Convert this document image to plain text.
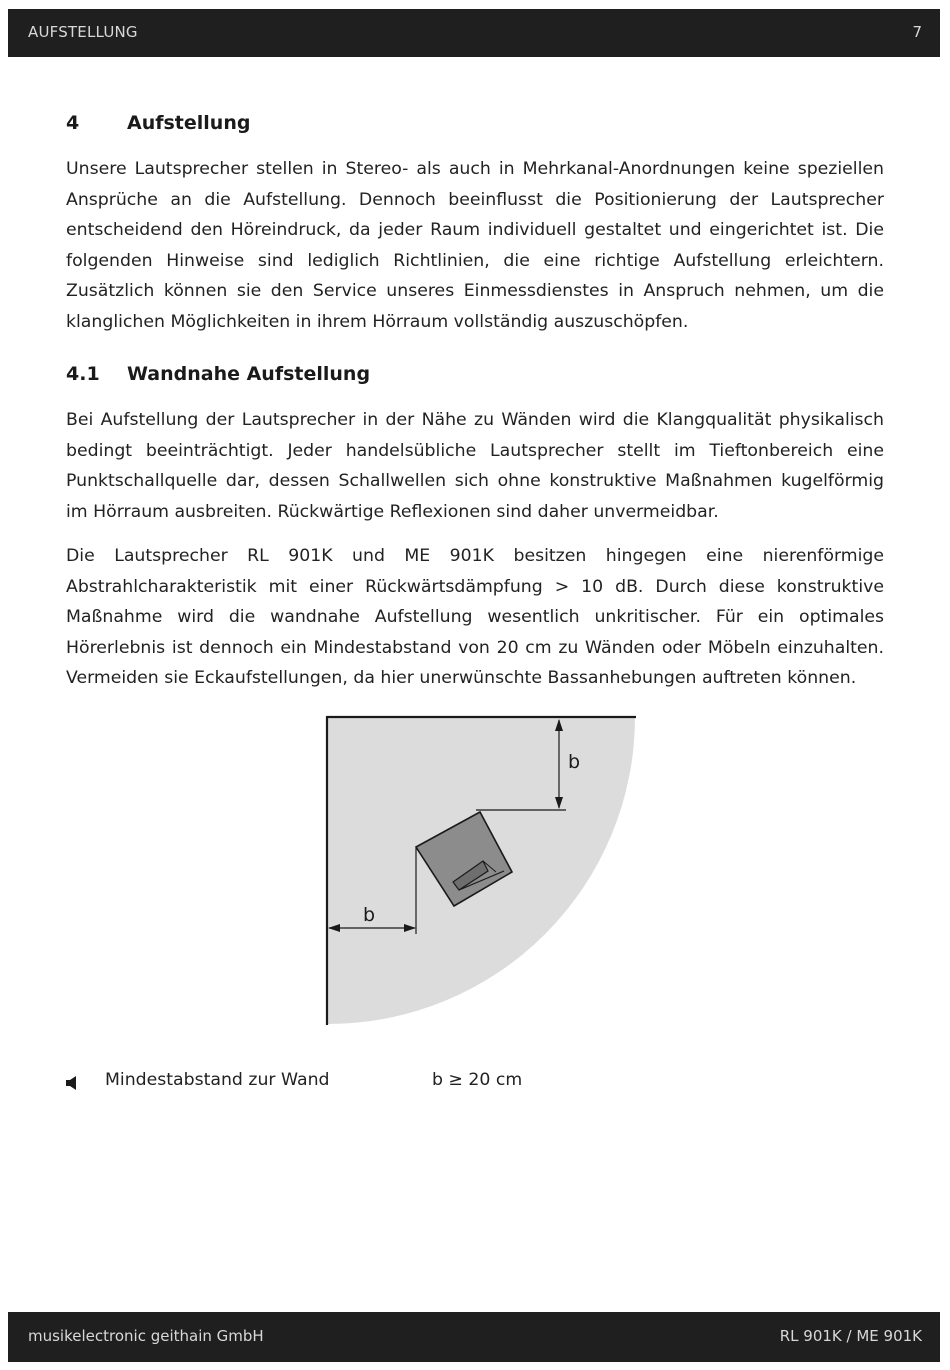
AUFSTELLUNG	7
4	Aufstellung

Unsere Lautsprecher stellen in Stereo- als auch in Mehrkanal-Anordnungen keine speziellen Ansprüche an die Aufstellung. Dennoch beeinflusst die Positionierung der Lautsprecher entscheidend den Höreindruck, da jeder Raum individuell gestaltet und eingerichtet ist. Die folgenden Hinweise sind lediglich Richtlinien, die eine richtige Aufstellung erleichtern. Zusätzlich können sie den Service unseres Einmessdienstes in Anspruch nehmen, um die klanglichen Möglichkeiten in ihrem Hörraum vollständig auszuschöpfen.

4.1 Wandnahe Aufstellung

Bei Aufstellung der Lautsprecher in der Nähe zu Wänden wird die Klangqualität physikalisch bedingt beeinträchtigt. Jeder handelsübliche Lautsprecher stellt im Tieftonbereich eine Punktschallquelle dar, dessen Schallwellen sich ohne konstruktive Maßnahmen kugelförmig im Hörraum ausbreiten. Rückwärtige Reflexionen sind daher unvermeidbar.

Die Lautsprecher RL 901K und ME 901K besitzen hingegen eine nierenförmige Abstrahlcharakteristik mit einer Rückwärtsdämpfung > 10 dB. Durch diese konstruktive Maßnahme wird die wandnahe Aufstellung wesentlich unkritischer. Für ein optimales Hörerlebnis ist dennoch ein Mindestabstand von 20 cm zu Wänden oder Möbeln einzuhalten. Vermeiden sie Eckaufstellungen, da hier unerwünschte Bassanhebungen auftreten können.

b
b
Mindestabstand zur Wand	b ≥ 20 cm
musikelectronic geithain GmbH	RL 901K / ME 901K
